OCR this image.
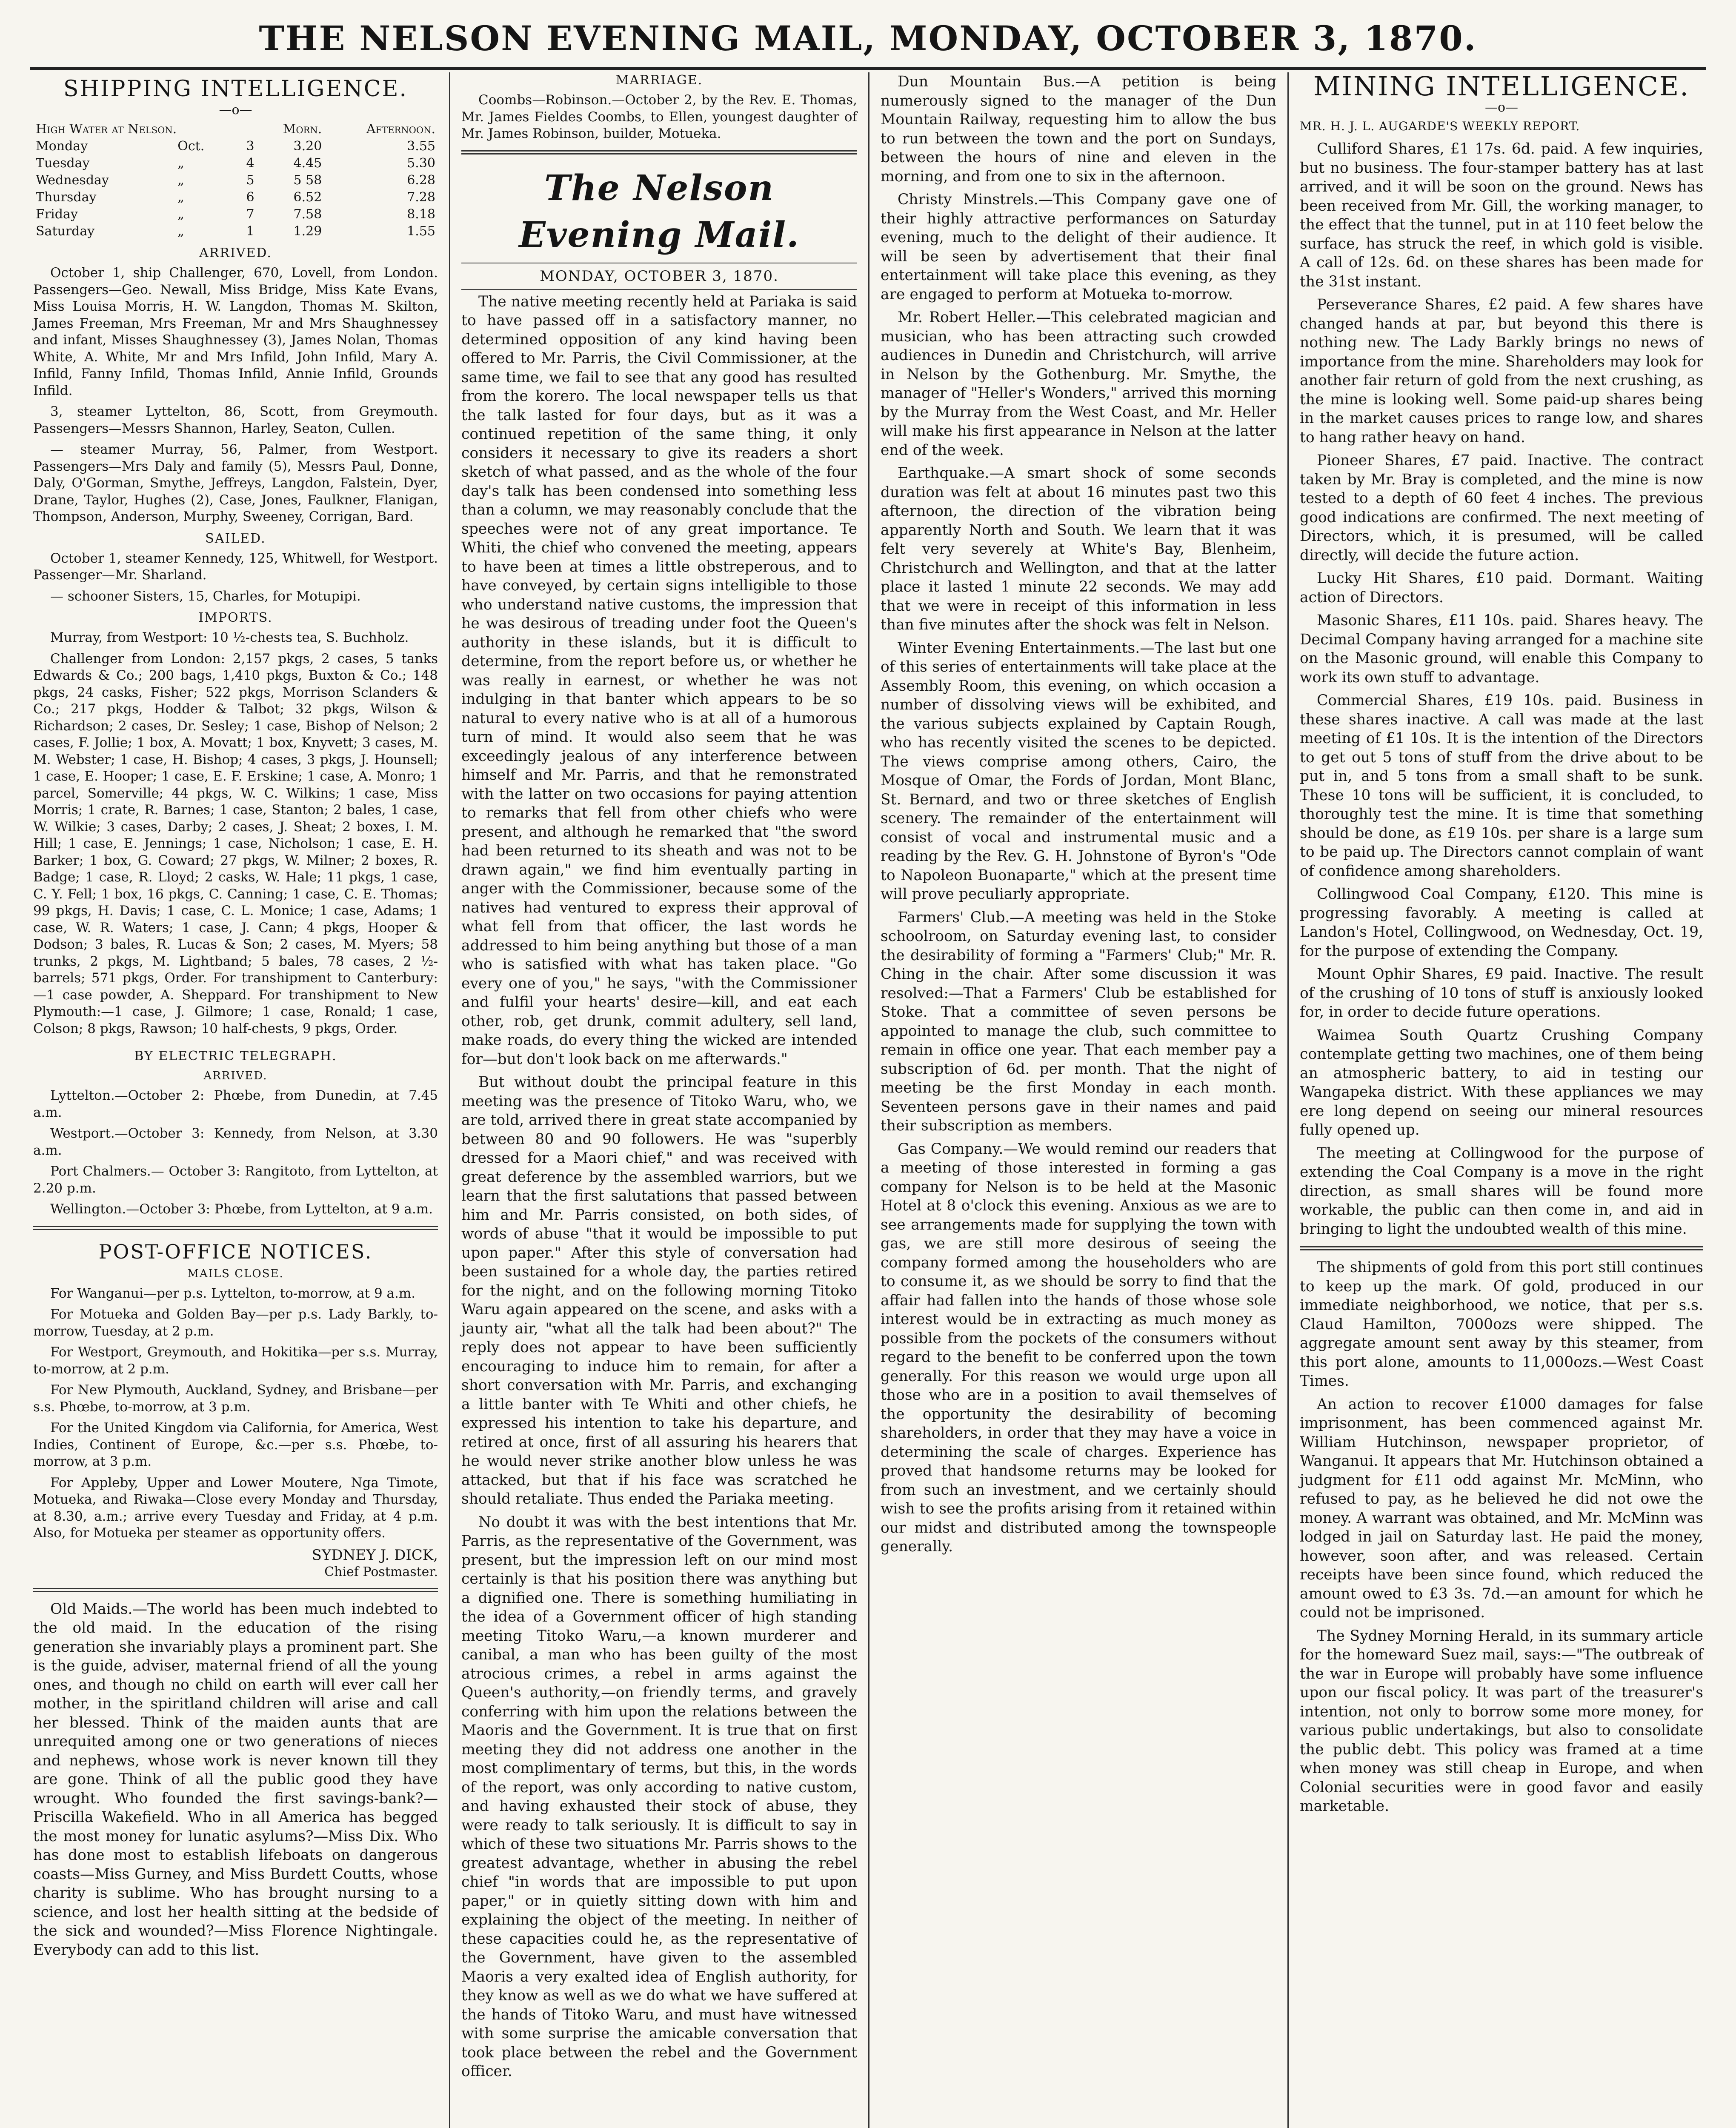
THE NELSON EVENING MAIL, MONDAY, OCTOBER 3, 1870.
SHIPPING INTELLIGENCE.
—o—
High Water at Nelson.			Morn.	Afternoon.
Monday	Oct.	3	3.20	3.55
Tuesday	„	4	4.45	5.30
Wednesday	„	5	5 58	6.28
Thursday	„	6	6.52	7.28
Friday	„	7	7.58	8.18
Saturday	„	1	1.29	1.55
ARRIVED.

October 1, ship Challenger, 670, Lovell, from London. Passengers—Geo. Newall, Miss Bridge, Miss Kate Evans, Miss Louisa Morris, H. W. Langdon, Thomas M. Skilton, James Freeman, Mrs Freeman, Mr and Mrs Shaughnessey and infant, Misses Shaughnessey (3), James Nolan, Thomas White, A. White, Mr and Mrs Infild, John Infild, Mary A. Infild, Fanny Infild, Thomas Infild, Annie Infild, Grounds Infild.

3, steamer Lyttelton, 86, Scott, from Greymouth. Passengers—Messrs Shannon, Harley, Seaton, Cullen.

— steamer Murray, 56, Palmer, from Westport. Passengers—Mrs Daly and family (5), Messrs Paul, Donne, Daly, O'Gorman, Smythe, Jeffreys, Langdon, Falstein, Dyer, Drane, Taylor, Hughes (2), Case, Jones, Faulkner, Flanigan, Thompson, Anderson, Murphy, Sweeney, Corrigan, Bard.

SAILED.

October 1, steamer Kennedy, 125, Whitwell, for Westport. Passenger—Mr. Sharland.

— schooner Sisters, 15, Charles, for Motupipi.

IMPORTS.

Murray, from Westport: 10 ½-chests tea, S. Buchholz.

Challenger from London: 2,157 pkgs, 2 cases, 5 tanks Edwards & Co.; 200 bags, 1,410 pkgs, Buxton & Co.; 148 pkgs, 24 casks, Fisher; 522 pkgs, Morrison Sclanders & Co.; 217 pkgs, Hodder & Talbot; 32 pkgs, Wilson & Richardson; 2 cases, Dr. Sesley; 1 case, Bishop of Nelson; 2 cases, F. Jollie; 1 box, A. Movatt; 1 box, Knyvett; 3 cases, M. M. Webster; 1 case, H. Bishop; 4 cases, 3 pkgs, J. Hounsell; 1 case, E. Hooper; 1 case, E. F. Erskine; 1 case, A. Monro; 1 parcel, Somerville; 44 pkgs, W. C. Wilkins; 1 case, Miss Morris; 1 crate, R. Barnes; 1 case, Stanton; 2 bales, 1 case, W. Wilkie; 3 cases, Darby; 2 cases, J. Sheat; 2 boxes, I. M. Hill; 1 case, E. Jennings; 1 case, Nicholson; 1 case, E. H. Barker; 1 box, G. Coward; 27 pkgs, W. Milner; 2 boxes, R. Badge; 1 case, R. Lloyd; 2 casks, W. Hale; 11 pkgs, 1 case, C. Y. Fell; 1 box, 16 pkgs, C. Canning; 1 case, C. E. Thomas; 99 pkgs, H. Davis; 1 case, C. L. Monice; 1 case, Adams; 1 case, W. R. Waters; 1 case, J. Cann; 4 pkgs, Hooper & Dodson; 3 bales, R. Lucas & Son; 2 cases, M. Myers; 58 trunks, 2 pkgs, M. Lightband; 5 bales, 78 cases, 2 ½-barrels; 571 pkgs, Order. For transhipment to Canterbury:—1 case powder, A. Sheppard. For transhipment to New Plymouth:—1 case, J. Gilmore; 1 case, Ronald; 1 case, Colson; 8 pkgs, Rawson; 10 half-chests, 9 pkgs, Order.

BY ELECTRIC TELEGRAPH.
ARRIVED.

Lyttelton.—October 2: Phœbe, from Dunedin, at 7.45 a.m.

Westport.—October 3: Kennedy, from Nelson, at 3.30 a.m.

Port Chalmers.— October 3: Rangitoto, from Lyttelton, at 2.20 p.m.

Wellington.—October 3: Phœbe, from Lyttelton, at 9 a.m.

POST-OFFICE NOTICES.
MAILS CLOSE.

For Wanganui—per p.s. Lyttelton, to-morrow, at 9 a.m.

For Motueka and Golden Bay—per p.s. Lady Barkly, to-morrow, Tuesday, at 2 p.m.

For Westport, Greymouth, and Hokitika—per s.s. Murray, to-morrow, at 2 p.m.

For New Plymouth, Auckland, Sydney, and Brisbane—per s.s. Phœbe, to-morrow, at 3 p.m.

For the United Kingdom via California, for America, West Indies, Continent of Europe, &c.—per s.s. Phœbe, to-morrow, at 3 p.m.

For Appleby, Upper and Lower Moutere, Nga Timote, Motueka, and Riwaka—Close every Monday and Thursday, at 8.30, a.m.; arrive every Tuesday and Friday, at 4 p.m. Also, for Motueka per steamer as opportunity offers.

SYDNEY J. DICK,
Chief Postmaster.

Old Maids.—The world has been much indebted to the old maid. In the education of the rising generation she invariably plays a prominent part. She is the guide, adviser, maternal friend of all the young ones, and though no child on earth will ever call her mother, in the spiritland children will arise and call her blessed. Think of the maiden aunts that are unrequited among one or two generations of nieces and nephews, whose work is never known till they are gone. Think of all the public good they have wrought. Who founded the first savings-bank?—Priscilla Wakefield. Who in all America has begged the most money for lunatic asylums?—Miss Dix. Who has done most to establish lifeboats on dangerous coasts—Miss Gurney, and Miss Burdett Coutts, whose charity is sublime. Who has brought nursing to a science, and lost her health sitting at the bedside of the sick and wounded?—Miss Florence Nightingale. Everybody can add to this list.

MARRIAGE.

Coombs—Robinson.—October 2, by the Rev. E. Thomas, Mr. James Fieldes Coombs, to Ellen, youngest daughter of Mr. James Robinson, builder, Motueka.

The Nelson Evening Mail.
MONDAY, OCTOBER 3, 1870.

The native meeting recently held at Pariaka is said to have passed off in a satisfactory manner, no determined opposition of any kind having been offered to Mr. Parris, the Civil Commissioner, at the same time, we fail to see that any good has resulted from the korero. The local newspaper tells us that the talk lasted for four days, but as it was a continued repetition of the same thing, it only considers it necessary to give its readers a short sketch of what passed, and as the whole of the four day's talk has been condensed into something less than a column, we may reasonably conclude that the speeches were not of any great importance. Te Whiti, the chief who convened the meeting, appears to have been at times a little obstreperous, and to have conveyed, by certain signs intelligible to those who understand native customs, the impression that he was desirous of treading under foot the Queen's authority in these islands, but it is difficult to determine, from the report before us, or whether he was really in earnest, or whether he was not indulging in that banter which appears to be so natural to every native who is at all of a humorous turn of mind. It would also seem that he was exceedingly jealous of any interference between himself and Mr. Parris, and that he remonstrated with the latter on two occasions for paying attention to remarks that fell from other chiefs who were present, and although he remarked that "the sword had been returned to its sheath and was not to be drawn again," we find him eventually parting in anger with the Commissioner, because some of the natives had ventured to express their approval of what fell from that officer, the last words he addressed to him being anything but those of a man who is satisfied with what has taken place. "Go every one of you," he says, "with the Commissioner and fulfil your hearts' desire—kill, and eat each other, rob, get drunk, commit adultery, sell land, make roads, do every thing the wicked are intended for—but don't look back on me afterwards."

But without doubt the principal feature in this meeting was the presence of Titoko Waru, who, we are told, arrived there in great state accompanied by between 80 and 90 followers. He was "superbly dressed for a Maori chief," and was received with great deference by the assembled warriors, but we learn that the first salutations that passed between him and Mr. Parris consisted, on both sides, of words of abuse "that it would be impossible to put upon paper." After this style of conversation had been sustained for a whole day, the parties retired for the night, and on the following morning Titoko Waru again appeared on the scene, and asks with a jaunty air, "what all the talk had been about?" The reply does not appear to have been sufficiently encouraging to induce him to remain, for after a short conversation with Mr. Parris, and exchanging a little banter with Te Whiti and other chiefs, he expressed his intention to take his departure, and retired at once, first of all assuring his hearers that he would never strike another blow unless he was attacked, but that if his face was scratched he should retaliate. Thus ended the Pariaka meeting.

No doubt it was with the best intentions that Mr. Parris, as the representative of the Government, was present, but the impression left on our mind most certainly is that his position there was anything but a dignified one. There is something humiliating in the idea of a Government officer of high standing meeting Titoko Waru,—a known murderer and canibal, a man who has been guilty of the most atrocious crimes, a rebel in arms against the Queen's authority,—on friendly terms, and gravely conferring with him upon the relations between the Maoris and the Government. It is true that on first meeting they did not address one another in the most complimentary of terms, but this, in the words of the report, was only according to native custom, and having exhausted their stock of abuse, they were ready to talk seriously. It is difficult to say in which of these two situations Mr. Parris shows to the greatest advantage, whether in abusing the rebel chief "in words that are impossible to put upon paper," or in quietly sitting down with him and explaining the object of the meeting. In neither of these capacities could he, as the representative of the Government, have given to the assembled Maoris a very exalted idea of English authority, for they know as well as we do what we have suffered at the hands of Titoko Waru, and must have witnessed with some surprise the amicable conversation that took place between the rebel and the Government officer.

Dun Mountain Bus.—A petition is being numerously signed to the manager of the Dun Mountain Railway, requesting him to allow the bus to run between the town and the port on Sundays, between the hours of nine and eleven in the morning, and from one to six in the afternoon.

Christy Minstrels.—This Company gave one of their highly attractive performances on Saturday evening, much to the delight of their audience. It will be seen by advertisement that their final entertainment will take place this evening, as they are engaged to perform at Motueka to-morrow.

Mr. Robert Heller.—This celebrated magician and musician, who has been attracting such crowded audiences in Dunedin and Christchurch, will arrive in Nelson by the Gothenburg. Mr. Smythe, the manager of "Heller's Wonders," arrived this morning by the Murray from the West Coast, and Mr. Heller will make his first appearance in Nelson at the latter end of the week.

Earthquake.—A smart shock of some seconds duration was felt at about 16 minutes past two this afternoon, the direction of the vibration being apparently North and South. We learn that it was felt very severely at White's Bay, Blenheim, Christchurch and Wellington, and that at the latter place it lasted 1 minute 22 seconds. We may add that we were in receipt of this information in less than five minutes after the shock was felt in Nelson.

Winter Evening Entertainments.—The last but one of this series of entertainments will take place at the Assembly Room, this evening, on which occasion a number of dissolving views will be exhibited, and the various subjects explained by Captain Rough, who has recently visited the scenes to be depicted. The views comprise among others, Cairo, the Mosque of Omar, the Fords of Jordan, Mont Blanc, St. Bernard, and two or three sketches of English scenery. The remainder of the entertainment will consist of vocal and instrumental music and a reading by the Rev. G. H. Johnstone of Byron's "Ode to Napoleon Buonaparte," which at the present time will prove peculiarly appropriate.

Farmers' Club.—A meeting was held in the Stoke schoolroom, on Saturday evening last, to consider the desirability of forming a "Farmers' Club;" Mr. R. Ching in the chair. After some discussion it was resolved:—That a Farmers' Club be established for Stoke. That a committee of seven persons be appointed to manage the club, such committee to remain in office one year. That each member pay a subscription of 6d. per month. That the night of meeting be the first Monday in each month. Seventeen persons gave in their names and paid their subscription as members.

Gas Company.—We would remind our readers that a meeting of those interested in forming a gas company for Nelson is to be held at the Masonic Hotel at 8 o'clock this evening. Anxious as we are to see arrangements made for supplying the town with gas, we are still more desirous of seeing the company formed among the householders who are to consume it, as we should be sorry to find that the affair had fallen into the hands of those whose sole interest would be in extracting as much money as possible from the pockets of the consumers without regard to the benefit to be conferred upon the town generally. For this reason we would urge upon all those who are in a position to avail themselves of the opportunity the desirability of becoming shareholders, in order that they may have a voice in determining the scale of charges. Experience has proved that handsome returns may be looked for from such an investment, and we certainly should wish to see the profits arising from it retained within our midst and distributed among the townspeople generally.

MINING INTELLIGENCE.
—o—
MR. H. J. L. AUGARDE'S WEEKLY REPORT.

Culliford Shares, £1 17s. 6d. paid. A few inquiries, but no business. The four-stamper battery has at last arrived, and it will be soon on the ground. News has been received from Mr. Gill, the working manager, to the effect that the tunnel, put in at 110 feet below the surface, has struck the reef, in which gold is visible. A call of 12s. 6d. on these shares has been made for the 31st instant.

Perseverance Shares, £2 paid. A few shares have changed hands at par, but beyond this there is nothing new. The Lady Barkly brings no news of importance from the mine. Shareholders may look for another fair return of gold from the next crushing, as the mine is looking well. Some paid-up shares being in the market causes prices to range low, and shares to hang rather heavy on hand.

Pioneer Shares, £7 paid. Inactive. The contract taken by Mr. Bray is completed, and the mine is now tested to a depth of 60 feet 4 inches. The previous good indications are confirmed. The next meeting of Directors, which, it is presumed, will be called directly, will decide the future action.

Lucky Hit Shares, £10 paid. Dormant. Waiting action of Directors.

Masonic Shares, £11 10s. paid. Shares heavy. The Decimal Company having arranged for a machine site on the Masonic ground, will enable this Company to work its own stuff to advantage.

Commercial Shares, £19 10s. paid. Business in these shares inactive. A call was made at the last meeting of £1 10s. It is the intention of the Directors to get out 5 tons of stuff from the drive about to be put in, and 5 tons from a small shaft to be sunk. These 10 tons will be sufficient, it is concluded, to thoroughly test the mine. It is time that something should be done, as £19 10s. per share is a large sum to be paid up. The Directors cannot complain of want of confidence among shareholders.

Collingwood Coal Company, £120. This mine is progressing favorably. A meeting is called at Landon's Hotel, Collingwood, on Wednesday, Oct. 19, for the purpose of extending the Company.

Mount Ophir Shares, £9 paid. Inactive. The result of the crushing of 10 tons of stuff is anxiously looked for, in order to decide future operations.

Waimea South Quartz Crushing Company contemplate getting two machines, one of them being an atmospheric battery, to aid in testing our Wangapeka district. With these appliances we may ere long depend on seeing our mineral resources fully opened up.

The meeting at Collingwood for the purpose of extending the Coal Company is a move in the right direction, as small shares will be found more workable, the public can then come in, and aid in bringing to light the undoubted wealth of this mine.

The shipments of gold from this port still continues to keep up the mark. Of gold, produced in our immediate neighborhood, we notice, that per s.s. Claud Hamilton, 7000ozs were shipped. The aggregate amount sent away by this steamer, from this port alone, amounts to 11,000ozs.—West Coast Times.

An action to recover £1000 damages for false imprisonment, has been commenced against Mr. William Hutchinson, newspaper proprietor, of Wanganui. It appears that Mr. Hutchinson obtained a judgment for £11 odd against Mr. McMinn, who refused to pay, as he believed he did not owe the money. A warrant was obtained, and Mr. McMinn was lodged in jail on Saturday last. He paid the money, however, soon after, and was released. Certain receipts have been since found, which reduced the amount owed to £3 3s. 7d.—an amount for which he could not be imprisoned.

The Sydney Morning Herald, in its summary article for the homeward Suez mail, says:—"The outbreak of the war in Europe will probably have some influence upon our fiscal policy. It was part of the treasurer's intention, not only to borrow some more money, for various public undertakings, but also to consolidate the public debt. This policy was framed at a time when money was still cheap in Europe, and when Colonial securities were in good favor and easily marketable.
